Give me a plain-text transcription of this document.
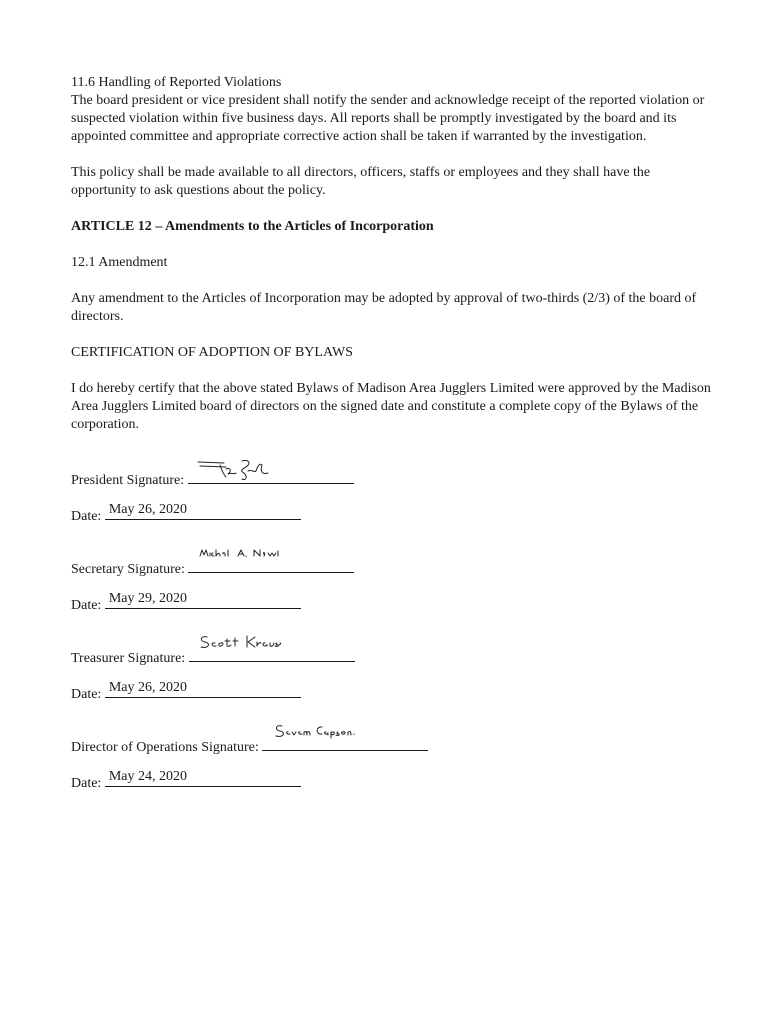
11.6 Handling of Reported Violations

The board president or vice president shall notify the sender and acknowledge receipt of the reported violation or suspected violation within five business days. All reports shall be promptly investigated by the board and its appointed committee and appropriate corrective action shall be taken if warranted by the investigation.

This policy shall be made available to all directors, officers, staffs or employees and they shall have the opportunity to ask questions about the policy.

ARTICLE 12 – Amendments to the Articles of Incorporation

12.1 Amendment

Any amendment to the Articles of Incorporation may be adopted by approval of two-thirds (2/3) of the board of directors.

CERTIFICATION OF ADOPTION OF BYLAWS

I do hereby certify that the above stated Bylaws of Madison Area Jugglers Limited were approved by the Madison Area Jugglers Limited board of directors on the signed date and constitute a complete copy of the Bylaws of the corporation.

President Signature:
Date: May 26, 2020
Secretary Signature:
Date: May 29, 2020
Treasurer Signature:
Date: May 26, 2020
Director of Operations Signature:
Date: May 24, 2020
